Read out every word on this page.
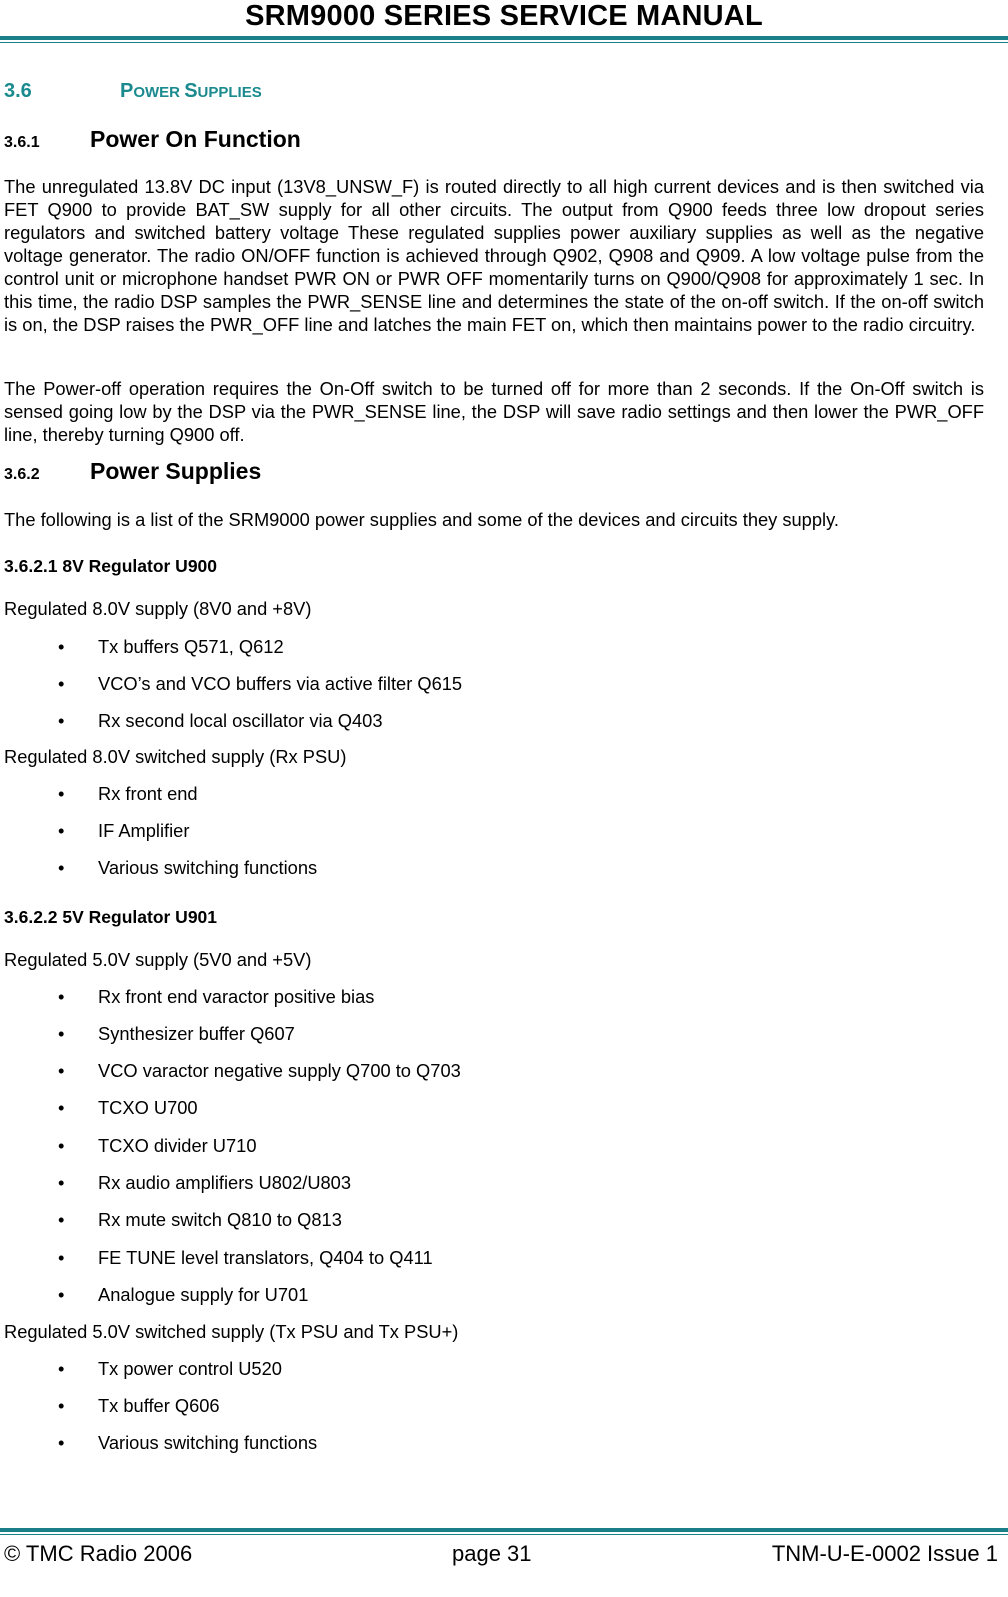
SRM9000 SERIES SERVICE MANUAL
3.6	POWER SUPPLIES
3.6.1 Power On Function
The unregulated 13.8V DC input (13V8_UNSW_F) is routed directly to all high current devices and is then switched via FET Q900 to provide BAT_SW supply for all other circuits. The output from Q900 feeds three low dropout series regulators and switched battery voltage These regulated supplies power auxiliary supplies as well as the negative voltage generator. The radio ON/OFF function is achieved through Q902, Q908 and Q909. A low voltage pulse from the control unit or microphone handset PWR ON or PWR OFF momentarily turns on Q900/Q908 for approximately 1 sec. In this time, the radio DSP samples the PWR_SENSE line and determines the state of the on-off switch. If the on-off switch is on, the DSP raises the PWR_OFF line and latches the main FET on, which then maintains power to the radio circuitry.
The Power-off operation requires the On-Off switch to be turned off for more than 2 seconds. If the On-Off switch is sensed going low by the DSP via the PWR_SENSE line, the DSP will save radio settings and then lower the PWR_OFF line, thereby turning Q900 off.
3.6.2 Power Supplies
The following is a list of the SRM9000 power supplies and some of the devices and circuits they supply.
3.6.2.1 8V Regulator U900
Regulated 8.0V supply (8V0 and +8V)
• Tx buffers Q571, Q612
• VCO’s and VCO buffers via active filter Q615
• Rx second local oscillator via Q403
Regulated 8.0V switched supply (Rx PSU)
• Rx front end
• IF Amplifier
• Various switching functions
3.6.2.2 5V Regulator U901
Regulated 5.0V supply (5V0 and +5V)
• Rx front end varactor positive bias
• Synthesizer buffer Q607
• VCO varactor negative supply Q700 to Q703
• TCXO U700
• TCXO divider U710
• Rx audio amplifiers U802/U803
• Rx mute switch Q810 to Q813
• FE TUNE level translators, Q404 to Q411
• Analogue supply for U701
Regulated 5.0V switched supply (Tx PSU and Tx PSU+)
• Tx power control U520
• Tx buffer Q606
• Various switching functions
© TMC Radio 2006	page 31	TNM-U-E-0002 Issue 1
